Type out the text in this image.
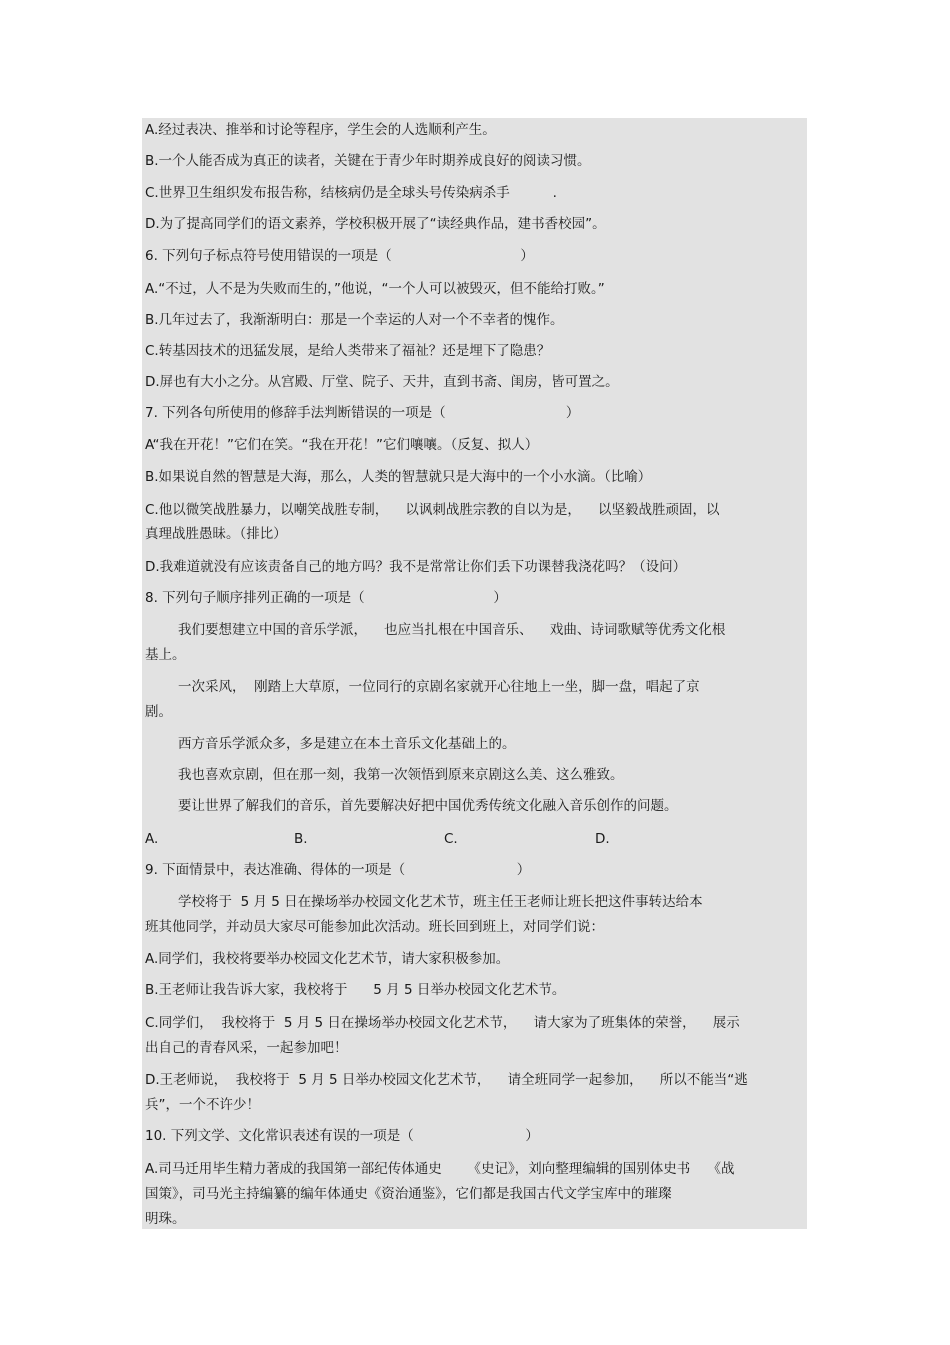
A.经过表决、推举和讨论等程序，学生会的人选顺利产生。
B.一个人能否成为真正的读者，关键在于青少年时期养成良好的阅读习惯。
C.世界卫生组织发布报告称，结核病仍是全球头号传染病杀手          .
D.为了提高同学们的语文素养，学校积极开展了“读经典作品，建书香校园”。
6. 下列句子标点符号使用错误的一项是（                              ）
A.“不过，人不是为失败而生的，”他说，“一个人可以被毁灭，但不能给打败。”
B.几年过去了，我渐渐明白：那是一个幸运的人对一个不幸者的愧作。
C.转基因技术的迅猛发展，是给人类带来了福祉？还是埋下了隐患？
D.屏也有大小之分。从宫殿、厅堂、院子、天井，直到书斋、闺房，皆可置之。
7. 下列各句所使用的修辞手法判断错误的一项是（                            ）
A“我在开花！”它们在笑。“我在开花！”它们嚷嚷。（反复、拟人）
B.如果说自然的智慧是大海，那么，人类的智慧就只是大海中的一个小水滴。（比喻）
C.他以微笑战胜暴力，以嘲笑战胜专制，    以讽刺战胜宗教的自以为是，    以坚毅战胜顽固，以
真理战胜愚昧。（排比）
D.我难道就没有应该责备自己的地方吗？我不是常常让你们丢下功课替我浇花吗？（设问）
8. 下列句子顺序排列正确的一项是（                              ）
我们要想建立中国的音乐学派，    也应当扎根在中国音乐、    戏曲、诗词歌赋等优秀文化根
基上。
一次采风，  刚踏上大草原，一位同行的京剧名家就开心往地上一坐，脚一盘，唱起了京
剧。
西方音乐学派众多，多是建立在本土音乐文化基础上的。
我也喜欢京剧，但在那一刻，我第一次领悟到原来京剧这么美、这么雅致。
要让世界了解我们的音乐，首先要解决好把中国优秀传统文化融入音乐创作的问题。
A.	B.	C.	D.
9. 下面情景中，表达准确、得体的一项是（                          ）
学校将于  5 月 5 日在操场举办校园文化艺术节，班主任王老师让班长把这件事转达给本
班其他同学，并动员大家尽可能参加此次活动。班长回到班上，对同学们说：
A.同学们，我校将要举办校园文化艺术节，请大家积极参加。
B.王老师让我告诉大家，我校将于      5 月 5 日举办校园文化艺术节。
C.同学们，  我校将于  5 月 5 日在操场举办校园文化艺术节，    请大家为了班集体的荣誉，    展示
出自己的青春风采，一起参加吧！
D.王老师说，  我校将于  5 月 5 日举办校园文化艺术节，    请全班同学一起参加，    所以不能当“逃
兵”，一个不许少！
10. 下列文学、文化常识表述有误的一项是（                          ）
A.司马迁用毕生精力著成的我国第一部纪传体通史      《史记》，刘向整理编辑的国别体史书    《战
国策》，司马光主持编纂的编年体通史《资治通鉴》，它们都是我国古代文学宝库中的璀璨
明珠。
